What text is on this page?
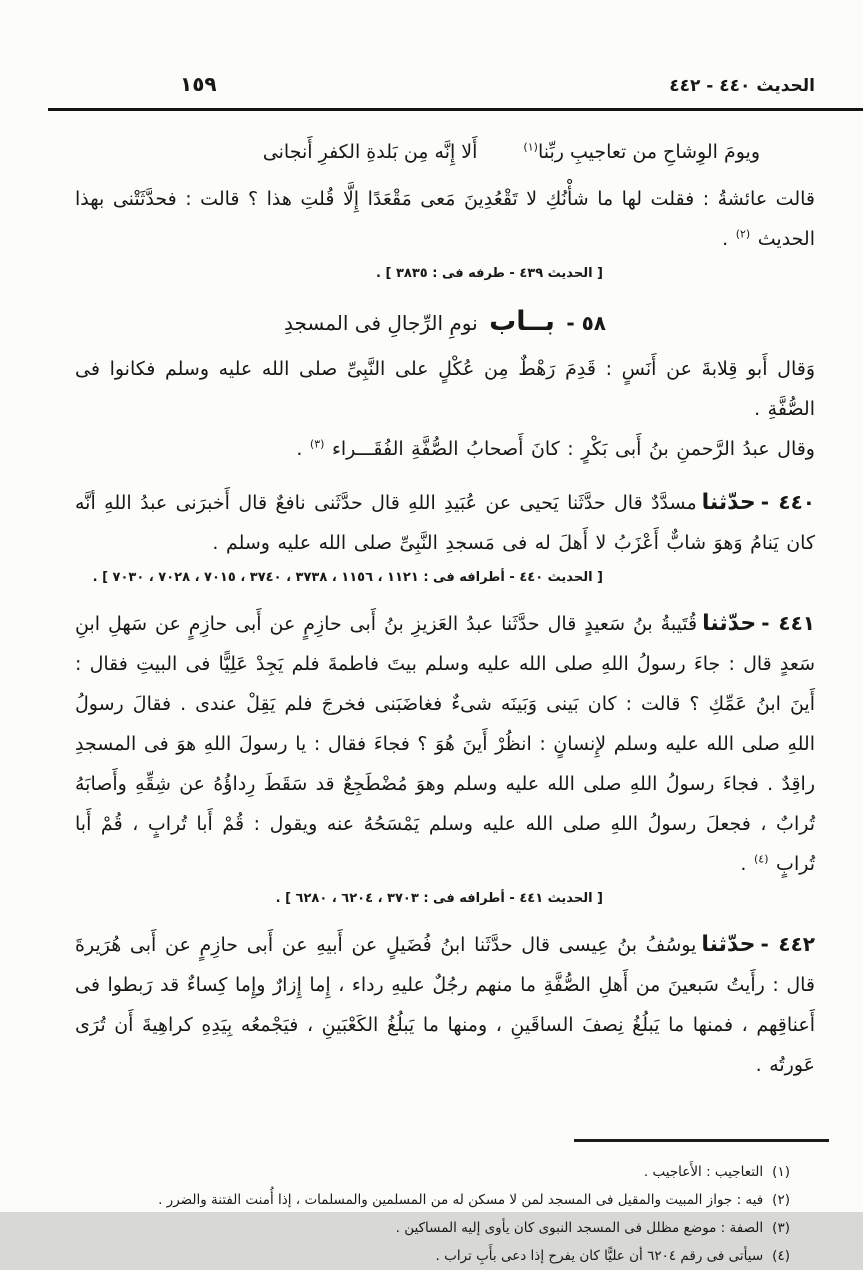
الحديث ٤٤٠ - ٤٤٢
١٥٩
ويومَ الوِشاحِ من تعاجيبِ ربِّنا$^{(١)}$
أَلا إِنَّه مِن بَلدةِ الكفرِ أَنجانى

قالت عائشةُ : فقلت لها ما شأْنُكِ لا تَقْعُدِينَ مَعى مَقْعَدًا إِلَّا قُلتِ هذا ؟ قالت : فحدَّثَتْنى بهذا الحديث $^{(٢)}$ .

[ الحديث ٤٣٩ - طرفه فى : ٣٨٣٥ ] .
٥٨ - بــاب نومِ الرِّجالِ فى المسجدِ

وَقال أَبو قِلابةَ عن أَنَسٍ : قَدِمَ رَهْطٌ مِن عُكْلٍ على النَّبِىِّ صلى الله عليه وسلم فكانوا فى الصُّفَّةِ .

وقال عبدُ الرَّحمنِ بنُ أَبى بَكْرٍ : كانَ أَصحابُ الصُّفَّةِ الفُقَـــراء $^{(٣)}$ .

٤٤٠ -حدّثنامسدَّدٌ قال حدَّثَنا يَحيى عن عُبَيدِ اللهِ قال حدَّثَنى نافعٌ قال أَخبرَنى عبدُ اللهِ أنَّه كان يَنامُ وَهوَ شابٌّ أَعْزَبُ لا أَهلَ له فى مَسجدِ النَّبِىِّ صلى الله عليه وسلم .

[ الحديث ٤٤٠ - أطرافه فى : ١١٢١ ، ١١٥٦ ، ٣٧٣٨ ، ٣٧٤٠ ، ٧٠١٥ ، ٧٠٢٨ ، ٧٠٣٠ ] .

٤٤١ -حدّثناقُتَيبةُ بنُ سَعيدٍ قال حدَّثَنا عبدُ العَزيزِ بنُ أَبى حازِمٍ عن أَبى حازِمٍ عن سَهلِ ابنِ سَعدٍ قال : جاءَ رسولُ اللهِ صلى الله عليه وسلم بيتَ فاطمةَ فلم يَجِدْ عَلِيًّا فى البيتِ فقال : أَينَ ابنُ عَمِّكِ ؟ قالت : كان بَينى وَبَينَه شىءٌ فغاضَبَنى فخرجَ فلم يَقِلْ عندى . فقالَ رسولُ اللهِ صلى الله عليه وسلم لإِنسانٍ : انظُرْ أَينَ هُوَ ؟ فجاءَ فقال : يا رسولَ اللهِ هوَ فى المسجدِ راقِدٌ . فجاءَ رسولُ اللهِ صلى الله عليه وسلم وهوَ مُضْطَجِعٌ قد سَقَطَ رِداؤُهُ عن شِقِّهِ وأَصابَهُ تُرابٌ ، فجعلَ رسولُ اللهِ صلى الله عليه وسلم يَمْسَحُهُ عنه ويقول : قُمْ أَبا تُرابٍ ، قُمْ أَبا تُرابٍ $^{(٤)}$ .

[ الحديث ٤٤١ - أطرافه فى : ٣٧٠٣ ، ٦٢٠٤ ، ٦٢٨٠ ] .

٤٤٢ -حدّثنايوسُفُ بنُ عِيسى قال حدَّثَنا ابنُ فُضَيلٍ عن أَبيهِ عن أَبى حازِمٍ عن أَبى هُرَيرةَ قال : رأَيتُ سَبعينَ من أَهلِ الصُّفَّةِ ما منهم رجُلٌ عليهِ رداء ، إِما إِزارٌ وإِما كِساءٌ قد رَبطوا فى أَعناقِهم ، فمنها ما يَبلُغُ نِصفَ الساقَينِ ، ومنها ما يَبلُغُ الكَعْبَينِ ، فيَجْمعُه بِيَدِهِ كراهِيةَ أَن تُرَى عَورتُه .

(١)
التعاجيب : الأَعاجيب .
(٢)
فيه : جواز المبيت والمقيل فى المسجد لمن لا مسكن له من المسلمين والمسلمات ، إذا أُمنت الفتنة والضرر .
(٣)
الصفة : موضع مظلل فى المسجد النبوى كان يأوى إليه المساكين .
(٤)
سيأتى فى رقم ٦٢٠٤ أن عليًّا كان يفرح إذا دعى بأَبِ تراب .
